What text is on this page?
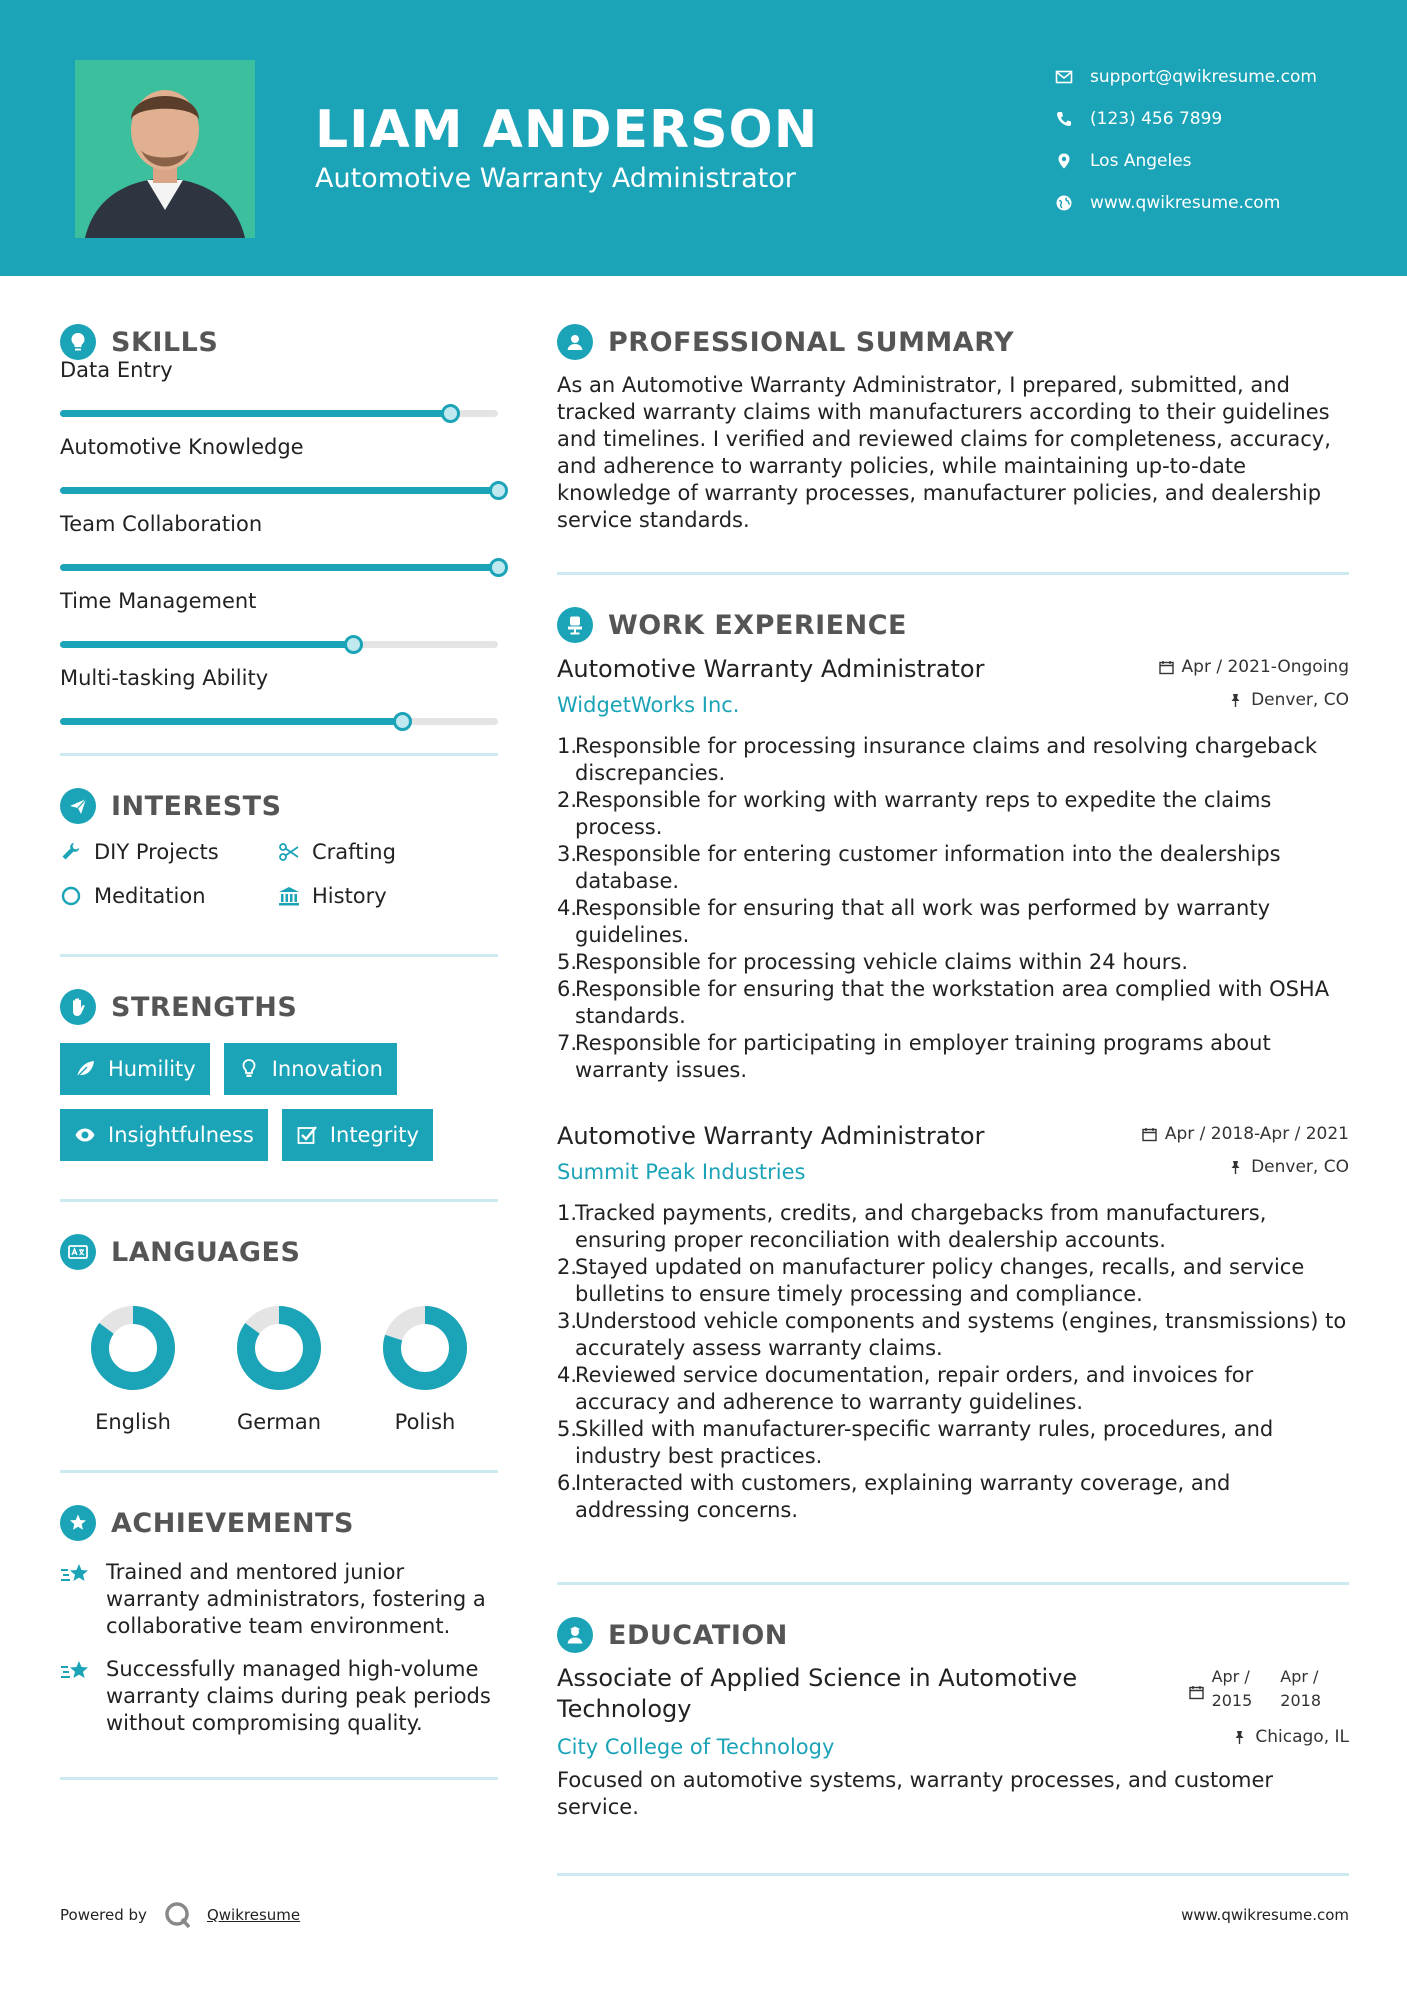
LIAM ANDERSON
Automotive Warranty Administrator
support@qwikresume.com
(123) 456 7899
Los Angeles
www.qwikresume.com
SKILLS
Data Entry
Automotive Knowledge
Team Collaboration
Time Management
Multi-tasking Ability
INTERESTS
DIY Projects	Crafting
Meditation	History
STRENGTHS
Humility	Innovation
Insightfulness	Integrity
LANGUAGES
English	German	Polish
ACHIEVEMENTS
Trained and mentored junior warranty administrators, fostering a collaborative team environment.
Successfully managed high-volume warranty claims during peak periods without compromising quality.
PROFESSIONAL SUMMARY
As an Automotive Warranty Administrator, I prepared, submitted, and tracked warranty claims with manufacturers according to their guidelines and timelines. I verified and reviewed claims for completeness, accuracy, and adherence to warranty policies, while maintaining up-to-date knowledge of warranty processes, manufacturer policies, and dealership service standards.
WORK EXPERIENCE
Apr / 2021-Ongoing
Denver, CO
Automotive Warranty Administrator
WidgetWorks Inc.
1.
Responsible for processing insurance claims and resolving chargeback discrepancies.
2.
Responsible for working with warranty reps to expedite the claims process.
3.
Responsible for entering customer information into the dealerships database.
4.
Responsible for ensuring that all work was performed by warranty guidelines.
5.
Responsible for processing vehicle claims within 24 hours.
6.
Responsible for ensuring that the workstation area complied with OSHA standards.
7.
Responsible for participating in employer training programs about warranty issues.
Apr / 2018-Apr / 2021
Denver, CO
Automotive Warranty Administrator
Summit Peak Industries
1.
Tracked payments, credits, and chargebacks from manufacturers, ensuring proper reconciliation with dealership accounts.
2.
Stayed updated on manufacturer policy changes, recalls, and service bulletins to ensure timely processing and compliance.
3.
Understood vehicle components and systems (engines, transmissions) to accurately assess warranty claims.
4.
Reviewed service documentation, repair orders, and invoices for accuracy and adherence to warranty guidelines.
5.
Skilled with manufacturer-specific warranty rules, procedures, and industry best practices.
6.
Interacted with customers, explaining warranty coverage, and addressing concerns.
EDUCATION
Apr /
2015
Apr /
2018
Chicago, IL
Associate of Applied Science in Automotive Technology
City College of Technology
Focused on automotive systems, warranty processes, and customer service.
Powered by	Qwikresume	www.qwikresume.com
